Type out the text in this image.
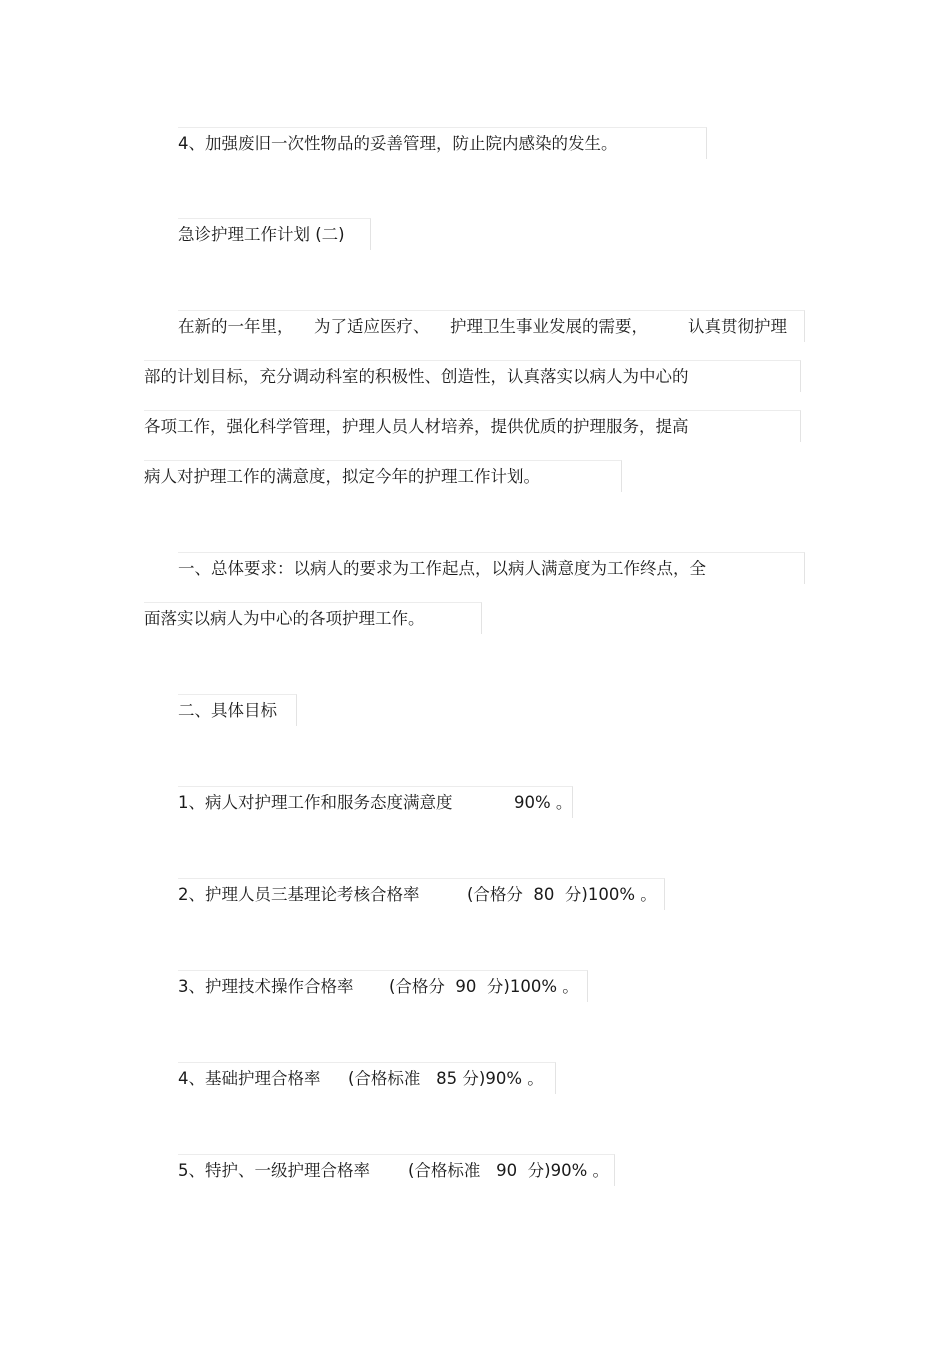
4、加强废旧一次性物品的妥善管理，防止院内感染的发生。
急诊护理工作计划 (二)
在新的一年里， 为了适应医疗、 护理卫生事业发展的需要， 认真贯彻护理
部的计划目标，充分调动科室的积极性、创造性，认真落实以病人为中心的
各项工作，强化科学管理，护理人员人材培养，提供优质的护理服务，提高
病人对护理工作的满意度，拟定今年的护理工作计划。
一、总体要求：以病人的要求为工作起点，以病人满意度为工作终点，全
面落实以病人为中心的各项护理工作。
二、具体目标
1、病人对护理工作和服务态度满意度	90% 。
2、护理人员三基理论考核合格率	(合格分  80  分)100% 。
3、护理技术操作合格率 (合格分  90  分)100% 。
4、基础护理合格率 (合格标准   85 分)90% 。
5、特护、一级护理合格率 (合格标准   90  分)90% 。
